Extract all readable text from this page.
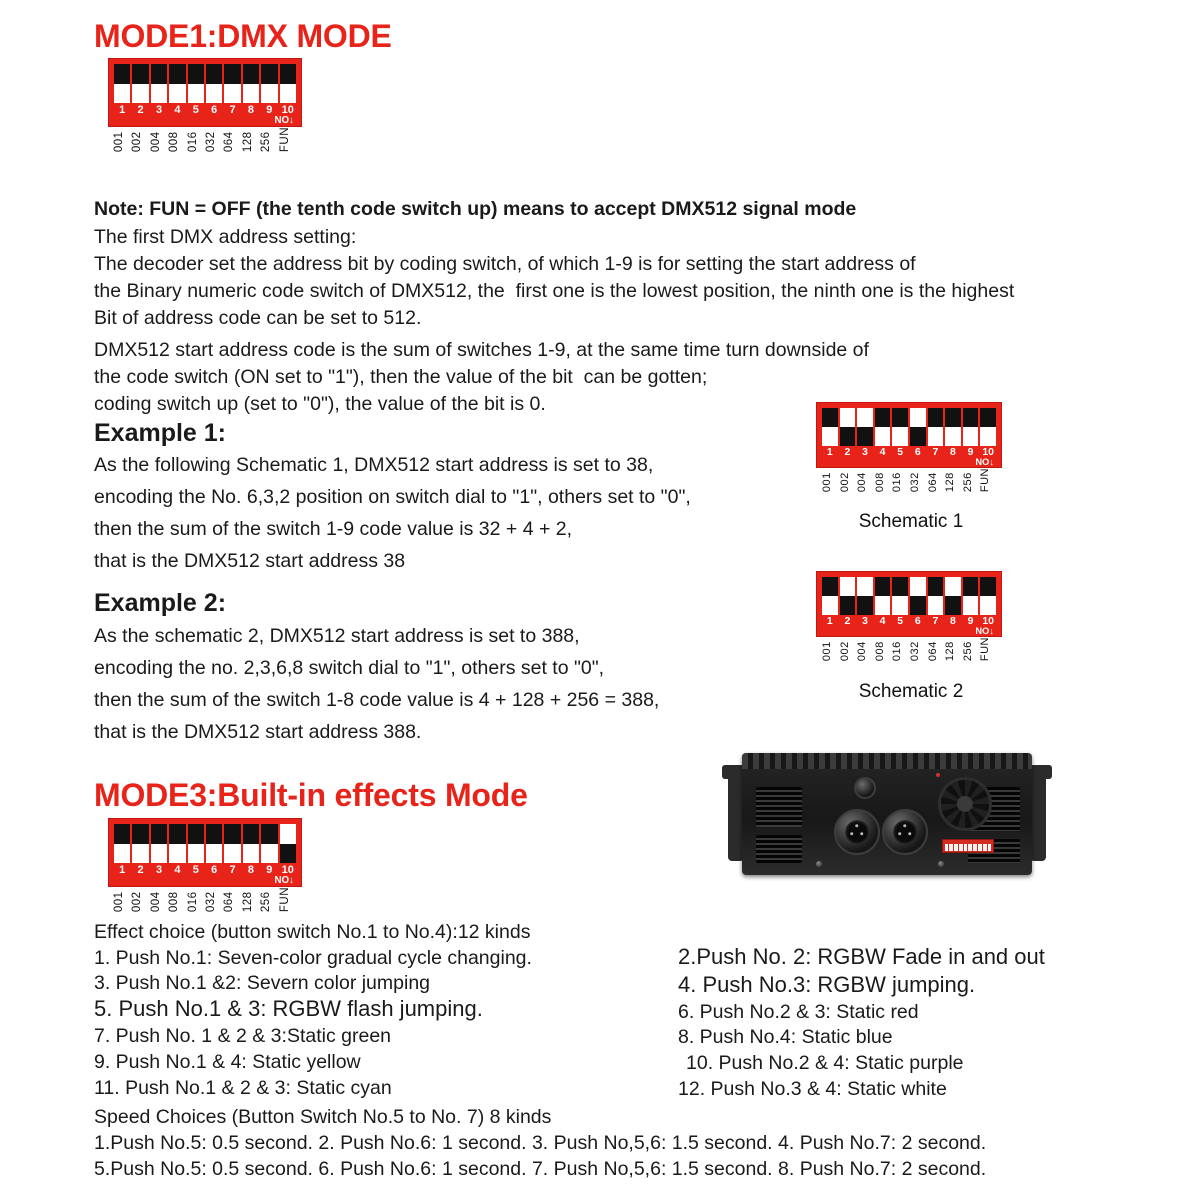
MODE1:DMX MODE
1	2	3	4	5	6	7	8	9 10
NO↓
001 002 004 008 016 032 064 128 256 FUN
Note: FUN = OFF (the tenth code switch up) means to accept DMX512 signal mode
The first DMX address setting:
The decoder set the address bit by coding switch, of which 1-9 is for setting the start address of
the Binary numeric code switch of DMX512, the  first one is the lowest position, the ninth one is the highest
Bit of address code can be set to 512.
DMX512 start address code is the sum of switches 1-9, at the same time turn downside of
the code switch (ON set to "1"), then the value of the bit  can be gotten;
coding switch up (set to "0"), the value of the bit is 0.
Example 1:
As the following Schematic 1, DMX512 start address is set to 38,
encoding the No. 6,3,2 position on switch dial to "1", others set to "0",
then the sum of the switch 1-9 code value is 32 + 4 + 2,
that is the DMX512 start address 38
1	2	3	4	5	6	7	8	9 10
NO↓
001 002 004 008 016 032 064 128 256 FUN
Schematic 1
Example 2:
As the schematic 2, DMX512 start address is set to 388,
encoding the no. 2,3,6,8 switch dial to "1", others set to "0",
then the sum of the switch 1-8 code value is 4 + 128 + 256 = 388,
that is the DMX512 start address 388.
1	2	3	4	5	6	7	8	9 10
NO↓
001 002 004 008 016 032 064 128 256 FUN
Schematic 2
MODE3:Built-in effects Mode
1	2	3	4	5	6	7	8	9 10
NO↓
001 002 004 008 016 032 064 128 256 FUN
Effect choice (button switch No.1 to No.4):12 kinds
1. Push No.1: Seven-color gradual cycle changing.
3. Push No.1 &2: Severn color jumping
5. Push No.1 & 3: RGBW flash jumping.
7. Push No. 1 & 2 & 3:Static green
9. Push No.1 & 4: Static yellow
11. Push No.1 & 2 & 3: Static cyan
2.Push No. 2: RGBW Fade in and out
4. Push No.3: RGBW jumping.
6. Push No.2 & 3: Static red
8. Push No.4: Static blue
10. Push No.2 & 4: Static purple
12. Push No.3 & 4: Static white
Speed Choices (Button Switch No.5 to No. 7) 8 kinds
1.Push No.5: 0.5 second. 2. Push No.6: 1 second. 3. Push No,5,6: 1.5 second. 4. Push No.7: 2 second.
5.Push No.5: 0.5 second. 6. Push No.6: 1 second. 7. Push No,5,6: 1.5 second. 8. Push No.7: 2 second.
